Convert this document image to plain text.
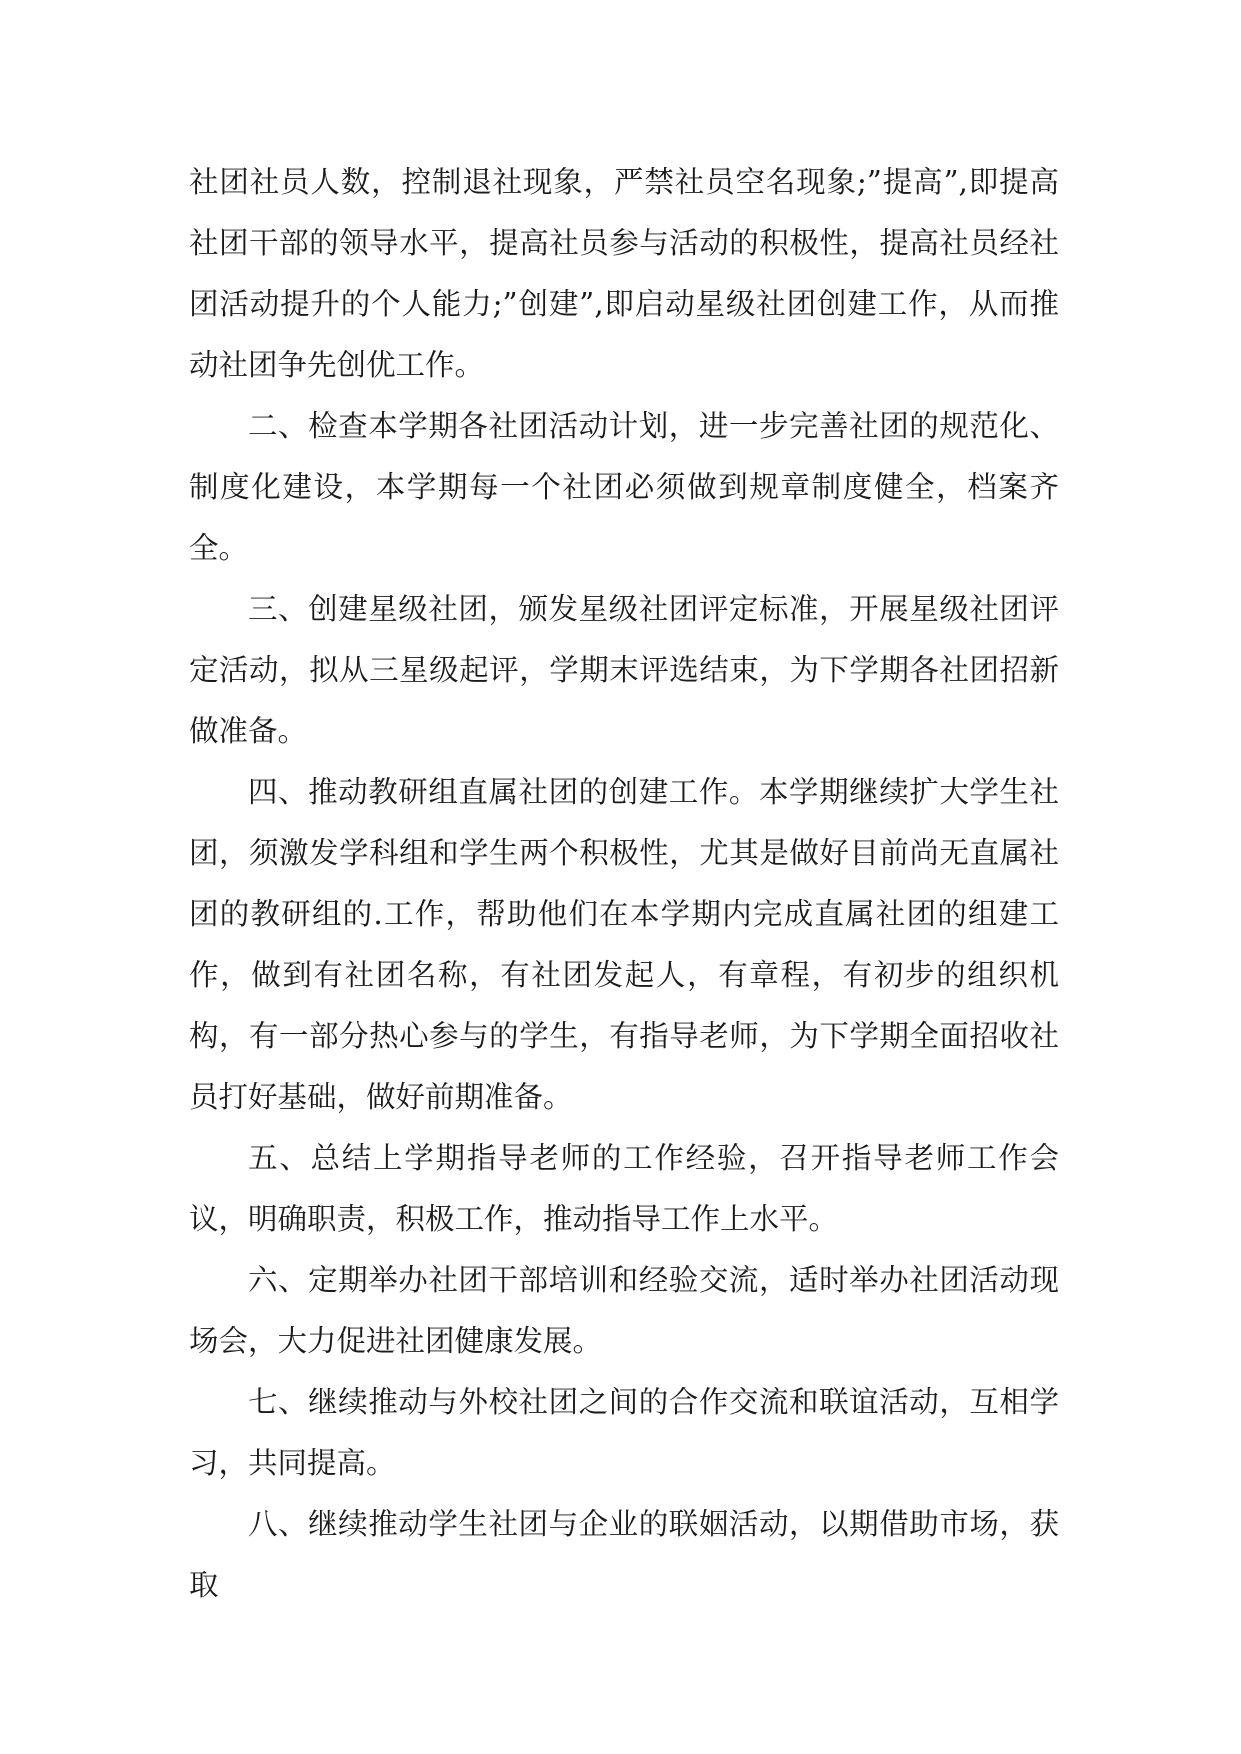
社团社员人数，控制退社现象，严禁社员空名现象;”提高”,即提高社团干部的领导水平，提高社员参与活动的积极性，提高社员经社团活动提升的个人能力;”创建”,即启动星级社团创建工作，从而推动社团争先创优工作。

二、检查本学期各社团活动计划，进一步完善社团的规范化、制度化建设，本学期每一个社团必须做到规章制度健全，档案齐全。

三、创建星级社团，颁发星级社团评定标准，开展星级社团评定活动，拟从三星级起评，学期末评选结束，为下学期各社团招新做准备。

四、推动教研组直属社团的创建工作。本学期继续扩大学生社团，须激发学科组和学生两个积极性，尤其是做好目前尚无直属社团的教研组的.工作，帮助他们在本学期内完成直属社团的组建工作，做到有社团名称，有社团发起人，有章程，有初步的组织机构，有一部分热心参与的学生，有指导老师，为下学期全面招收社员打好基础，做好前期准备。

五、总结上学期指导老师的工作经验，召开指导老师工作会议，明确职责，积极工作，推动指导工作上水平。

六、定期举办社团干部培训和经验交流，适时举办社团活动现场会，大力促进社团健康发展。

七、继续推动与外校社团之间的合作交流和联谊活动，互相学习，共同提高。

八、继续推动学生社团与企业的联姻活动，以期借助市场，获取
